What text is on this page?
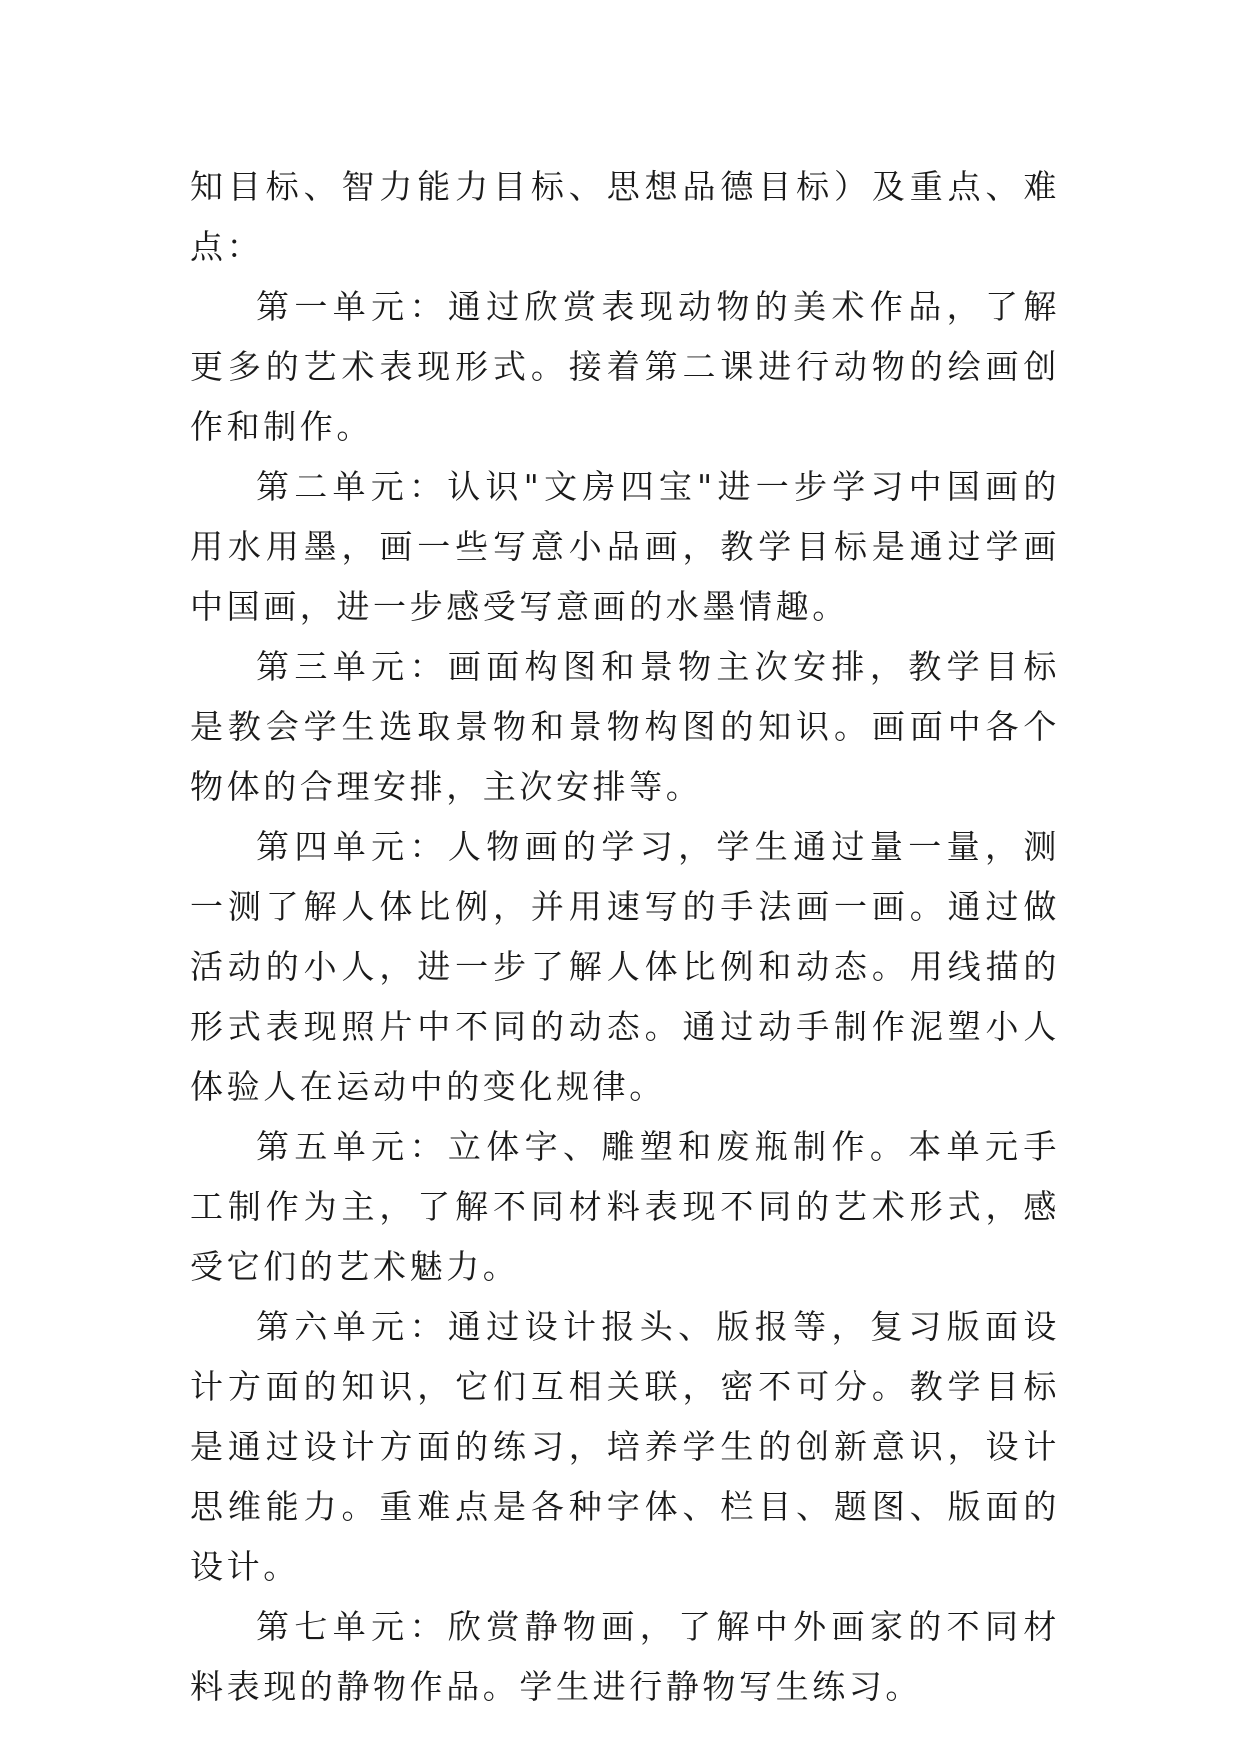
知目标、智力能力目标、思想品德目标）及重点、难点：

第一单元：通过欣赏表现动物的美术作品，了解更多的艺术表现形式。接着第二课进行动物的绘画创作和制作。

第二单元：认识"文房四宝"进一步学习中国画的用水用墨，画一些写意小品画，教学目标是通过学画中国画，进一步感受写意画的水墨情趣。

第三单元：画面构图和景物主次安排，教学目标是教会学生选取景物和景物构图的知识。画面中各个物体的合理安排，主次安排等。

第四单元：人物画的学习，学生通过量一量，测一测了解人体比例，并用速写的手法画一画。通过做活动的小人，进一步了解人体比例和动态。用线描的形式表现照片中不同的动态。通过动手制作泥塑小人体验人在运动中的变化规律。

第五单元：立体字、雕塑和废瓶制作。本单元手工制作为主，了解不同材料表现不同的艺术形式，感受它们的艺术魅力。

第六单元：通过设计报头、版报等，复习版面设计方面的知识，它们互相关联，密不可分。教学目标是通过设计方面的练习，培养学生的创新意识，设计思维能力。重难点是各种字体、栏目、题图、版面的设计。

第七单元：欣赏静物画，了解中外画家的不同材料表现的静物作品。学生进行静物写生练习。
